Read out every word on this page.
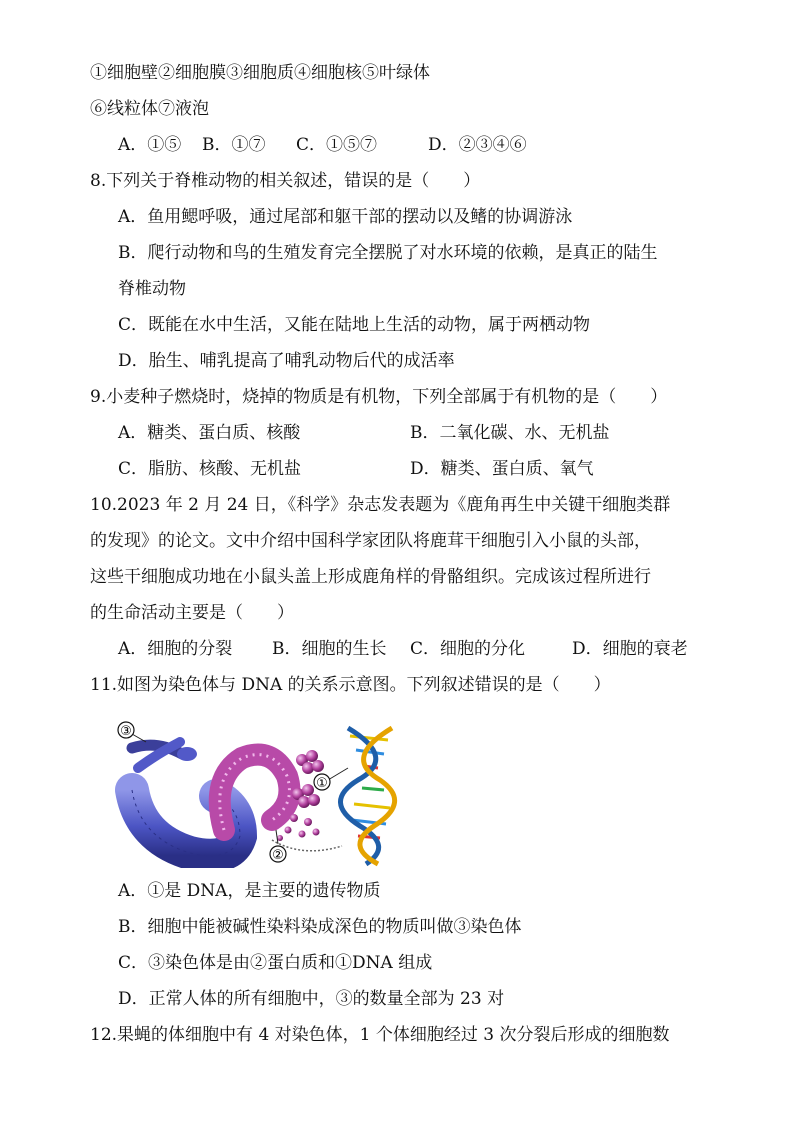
①细胞壁②细胞膜③细胞质④细胞核⑤叶绿体
⑥线粒体⑦液泡
A．①⑤ B．①⑦ C．①⑤⑦	D．②③④⑥
8.下列关于脊椎动物的相关叙述，错误的是（　　）
A．鱼用鳃呼吸，通过尾部和躯干部的摆动以及鳍的协调游泳
B．爬行动物和鸟的生殖发育完全摆脱了对水环境的依赖，是真正的陆生
脊椎动物
C．既能在水中生活，又能在陆地上生活的动物，属于两栖动物
D．胎生、哺乳提高了哺乳动物后代的成活率
9.小麦种子燃烧时，烧掉的物质是有机物，下列全部属于有机物的是（　　）
A．糖类、蛋白质、核酸	B．二氧化碳、水、无机盐
C．脂肪、核酸、无机盐	D．糖类、蛋白质、氧气
10.2023 年 2 月 24 日，《科学》杂志发表题为《鹿角再生中关键干细胞类群
的发现》的论文。文中介绍中国科学家团队将鹿茸干细胞引入小鼠的头部，
这些干细胞成功地在小鼠头盖上形成鹿角样的骨骼组织。完成该过程所进行
的生命活动主要是（　　）
A．细胞的分裂 B．细胞的生长 C．细胞的分化	D．细胞的衰老
11.如图为染色体与 DNA 的关系示意图。下列叙述错误的是（　　）
③
①
②
A．①是 DNA，是主要的遗传物质
B．细胞中能被碱性染料染成深色的物质叫做③染色体
C．③染色体是由②蛋白质和①DNA 组成
D．正常人体的所有细胞中，③的数量全部为 23 对
12.果蝇的体细胞中有 4 对染色体，1 个体细胞经过 3 次分裂后形成的细胞数
